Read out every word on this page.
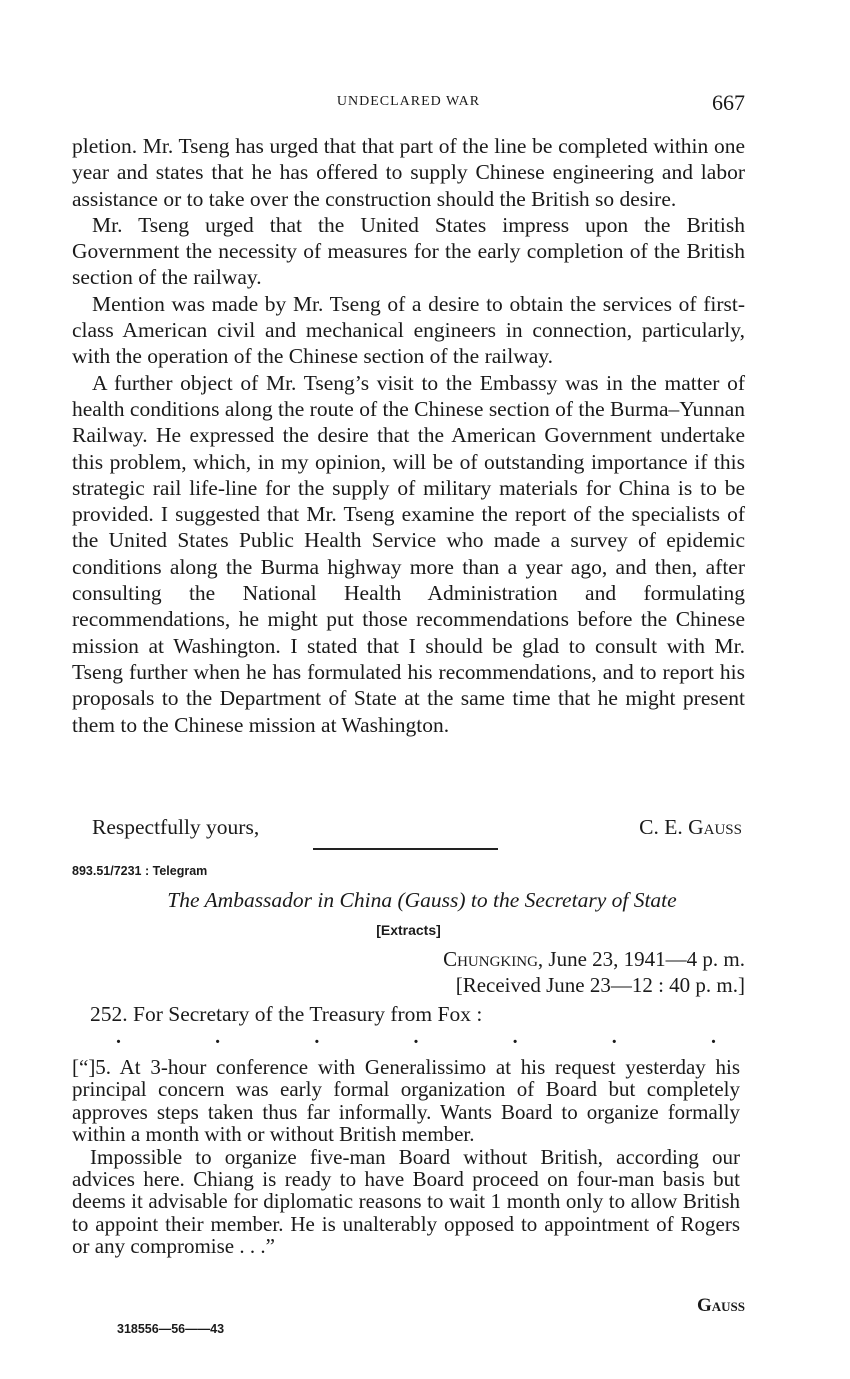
UNDECLARED WAR	667

pletion. Mr. Tseng has urged that that part of the line be completed within one year and states that he has offered to supply Chinese engineering and labor assistance or to take over the construction should the British so desire.

Mr. Tseng urged that the United States impress upon the British Government the necessity of measures for the early completion of the British section of the railway.

Mention was made by Mr. Tseng of a desire to obtain the services of first-class American civil and mechanical engineers in connection, particularly, with the operation of the Chinese section of the railway.

A further object of Mr. Tseng’s visit to the Embassy was in the matter of health conditions along the route of the Chinese section of the Burma–Yunnan Railway. He expressed the desire that the American Government undertake this problem, which, in my opinion, will be of outstanding importance if this strategic rail life-line for the supply of military materials for China is to be provided. I suggested that Mr. Tseng examine the report of the specialists of the United States Public Health Service who made a survey of epidemic conditions along the Burma highway more than a year ago, and then, after consulting the National Health Administration and formulating recommendations, he might put those recommendations before the Chinese mission at Washington. I stated that I should be glad to consult with Mr. Tseng further when he has formulated his recommendations, and to report his proposals to the Department of State at the same time that he might present them to the Chinese mission at Washington.

Respectfully yours,	C. E. Gauss
893.51/7231 : Telegram
The Ambassador in China (Gauss) to the Secretary of State
[Extracts]
Chungking, June 23, 1941—4 p. m.
[Received June 23—12 : 40 p. m.]
252. For Secretary of the Treasury from Fox :
.	.	.	.	.	.	.

[“]5. At 3-hour conference with Generalissimo at his request yesterday his principal concern was early formal organization of Board but completely approves steps taken thus far informally. Wants Board to organize formally within a month with or without British member.

Impossible to organize five-man Board without British, according our advices here. Chiang is ready to have Board proceed on four-man basis but deems it advisable for diplomatic reasons to wait 1 month only to allow British to appoint their member. He is unalterably opposed to appointment of Rogers or any compromise . . .”

Gauss
318556—56——43
